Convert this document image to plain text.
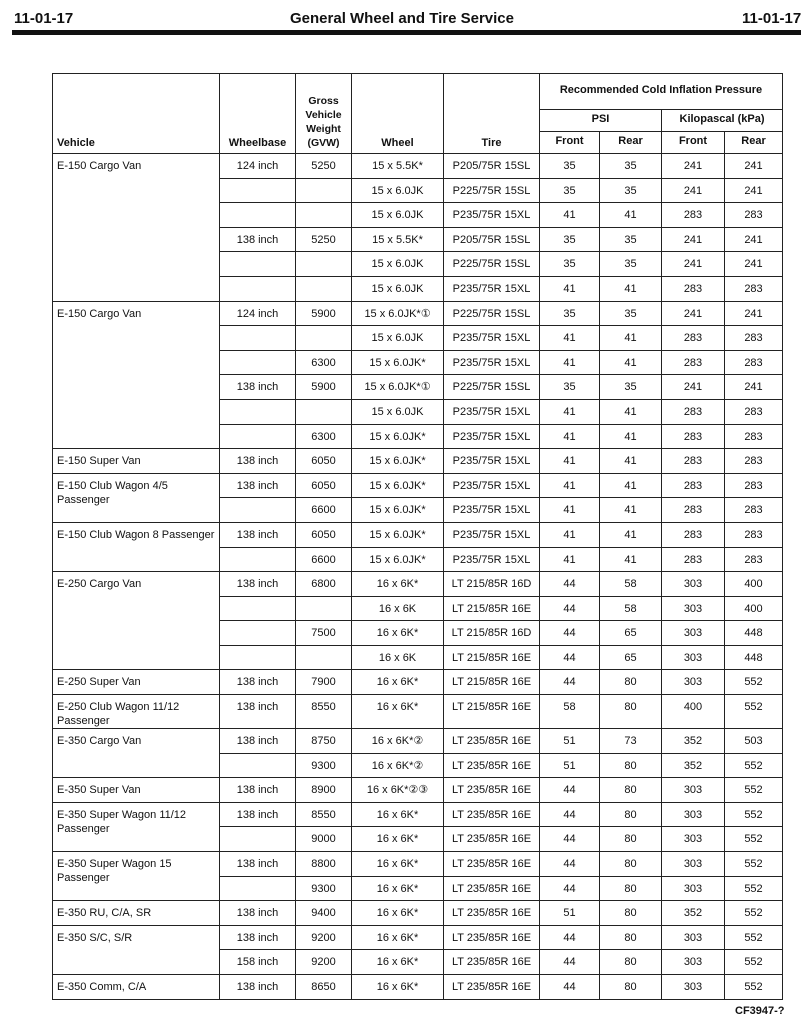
11-01-17	General Wheel and Tire Service	11-01-17
Vehicle	Wheelbase	Gross Vehicle Weight (GVW)	Wheel	Tire	Recommended Cold Inflation Pressure			
					PSI		Kilopascal (kPa)	
					Front	Rear	Front	Rear
E-150 Cargo Van	124 inch	5250	15 x 5.5K*	P205/75R 15SL	35	35	241	241
			15 x 6.0JK	P225/75R 15SL	35	35	241	241
			15 x 6.0JK	P235/75R 15XL	41	41	283	283
	138 inch	5250	15 x 5.5K*	P205/75R 15SL	35	35	241	241
			15 x 6.0JK	P225/75R 15SL	35	35	241	241
			15 x 6.0JK	P235/75R 15XL	41	41	283	283
E-150 Cargo Van	124 inch	5900	15 x 6.0JK*①	P225/75R 15SL	35	35	241	241
			15 x 6.0JK	P235/75R 15XL	41	41	283	283
		6300	15 x 6.0JK*	P235/75R 15XL	41	41	283	283
	138 inch	5900	15 x 6.0JK*①	P225/75R 15SL	35	35	241	241
			15 x 6.0JK	P235/75R 15XL	41	41	283	283
		6300	15 x 6.0JK*	P235/75R 15XL	41	41	283	283
E-150 Super Van	138 inch	6050	15 x 6.0JK*	P235/75R 15XL	41	41	283	283
E-150 Club Wagon 4/5 Passenger	138 inch	6050	15 x 6.0JK*	P235/75R 15XL	41	41	283	283
		6600	15 x 6.0JK*	P235/75R 15XL	41	41	283	283
E-150 Club Wagon 8 Passenger	138 inch	6050	15 x 6.0JK*	P235/75R 15XL	41	41	283	283
		6600	15 x 6.0JK*	P235/75R 15XL	41	41	283	283
E-250 Cargo Van	138 inch	6800	16 x 6K*	LT 215/85R 16D	44	58	303	400
			16 x 6K	LT 215/85R 16E	44	58	303	400
		7500	16 x 6K*	LT 215/85R 16D	44	65	303	448
			16 x 6K	LT 215/85R 16E	44	65	303	448
E-250 Super Van	138 inch	7900	16 x 6K*	LT 215/85R 16E	44	80	303	552
E-250 Club Wagon 11/12 Passenger	138 inch	8550	16 x 6K*	LT 215/85R 16E	58	80	400	552
E-350 Cargo Van	138 inch	8750	16 x 6K*②	LT 235/85R 16E	51	73	352	503
		9300	16 x 6K*②	LT 235/85R 16E	51	80	352	552
E-350 Super Van	138 inch	8900	16 x 6K*②③	LT 235/85R 16E	44	80	303	552
E-350 Super Wagon 11/12 Passenger	138 inch	8550	16 x 6K*	LT 235/85R 16E	44	80	303	552
		9000	16 x 6K*	LT 235/85R 16E	44	80	303	552
E-350 Super Wagon 15 Passenger	138 inch	8800	16 x 6K*	LT 235/85R 16E	44	80	303	552
		9300	16 x 6K*	LT 235/85R 16E	44	80	303	552
E-350 RU, C/A, SR	138 inch	9400	16 x 6K*	LT 235/85R 16E	51	80	352	552
E-350 S/C, S/R	138 inch	9200	16 x 6K*	LT 235/85R 16E	44	80	303	552
	158 inch	9200	16 x 6K*	LT 235/85R 16E	44	80	303	552
E-350 Comm, C/A	138 inch	8650	16 x 6K*	LT 235/85R 16E	44	80	303	552
CF3947-?
